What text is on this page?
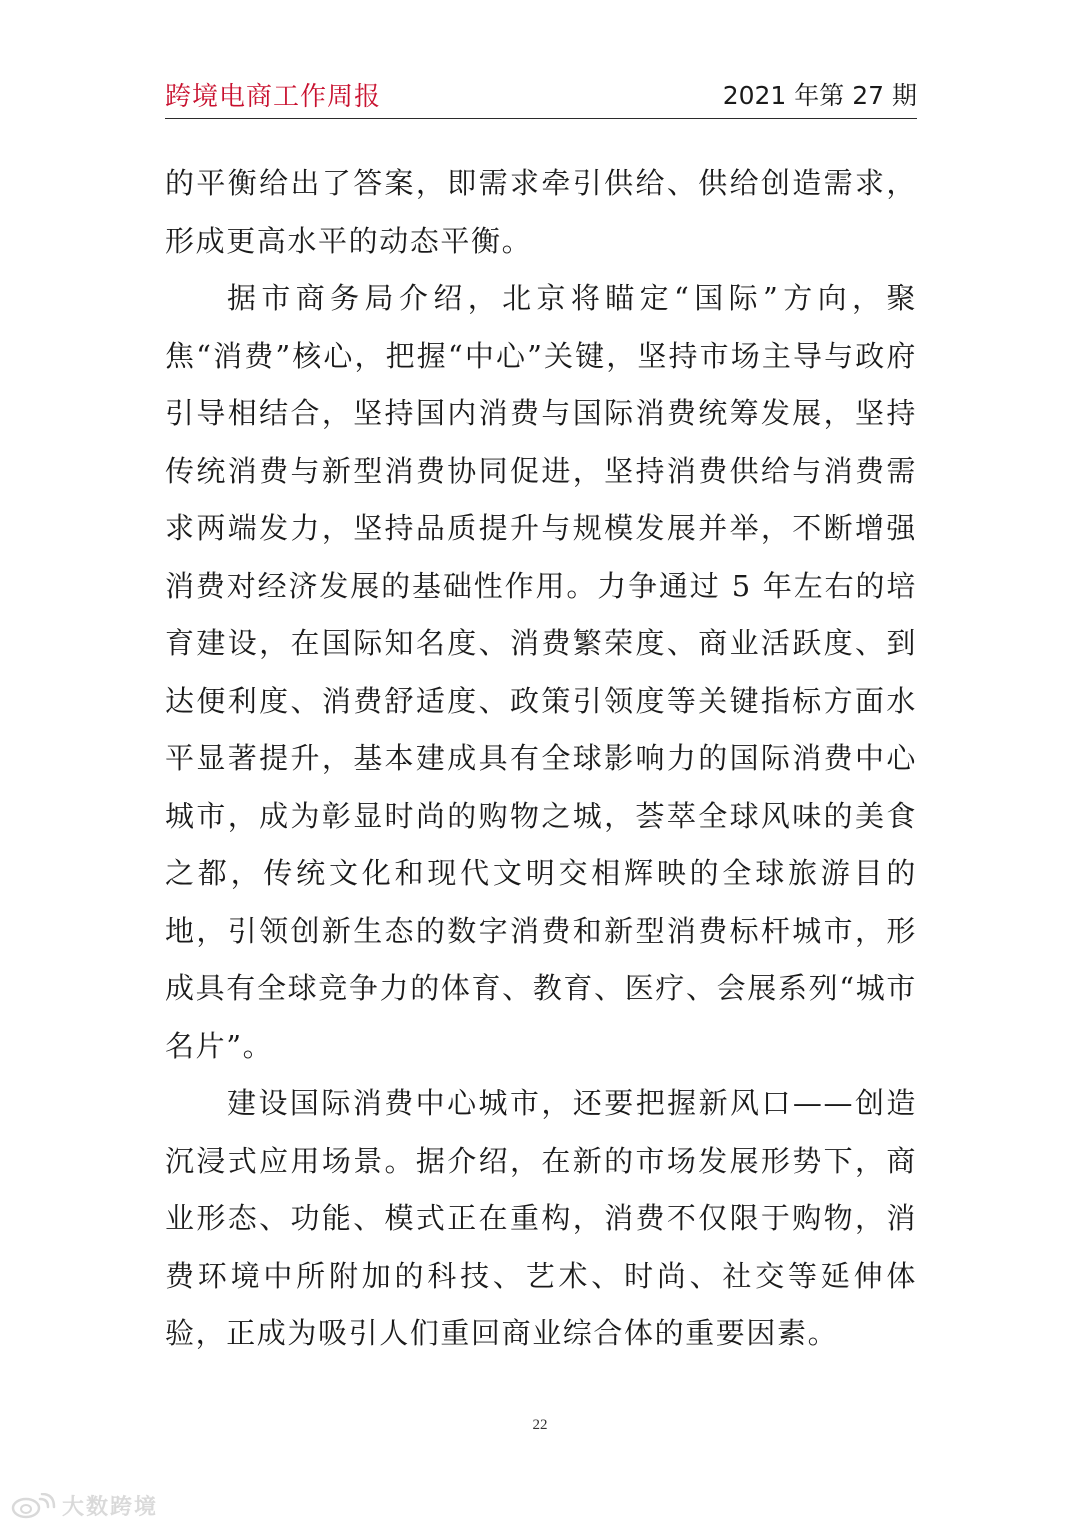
跨境电商工作周报	2021 年第 27 期

的平衡给出了答案，即需求牵引供给、供给创造需求，形成更高水平的动态平衡。

据市商务局介绍，北京将瞄定“国际”方向，聚焦“消费”核心，把握“中心”关键，坚持市场主导与政府引导相结合，坚持国内消费与国际消费统筹发展，坚持传统消费与新型消费协同促进，坚持消费供给与消费需求两端发力，坚持品质提升与规模发展并举，不断增强消费对经济发展的基础性作用。力争通过 5 年左右的培育建设，在国际知名度、消费繁荣度、商业活跃度、到达便利度、消费舒适度、政策引领度等关键指标方面水平显著提升，基本建成具有全球影响力的国际消费中心城市，成为彰显时尚的购物之城，荟萃全球风味的美食之都，传统文化和现代文明交相辉映的全球旅游目的地，引领创新生态的数字消费和新型消费标杆城市，形成具有全球竞争力的体育、教育、医疗、会展系列“城市名片”。

建设国际消费中心城市，还要把握新风口——创造沉浸式应用场景。据介绍，在新的市场发展形势下，商业形态、功能、模式正在重构，消费不仅限于购物，消费环境中所附加的科技、艺术、时尚、社交等延伸体验，正成为吸引人们重回商业综合体的重要因素。

22
大数跨境
